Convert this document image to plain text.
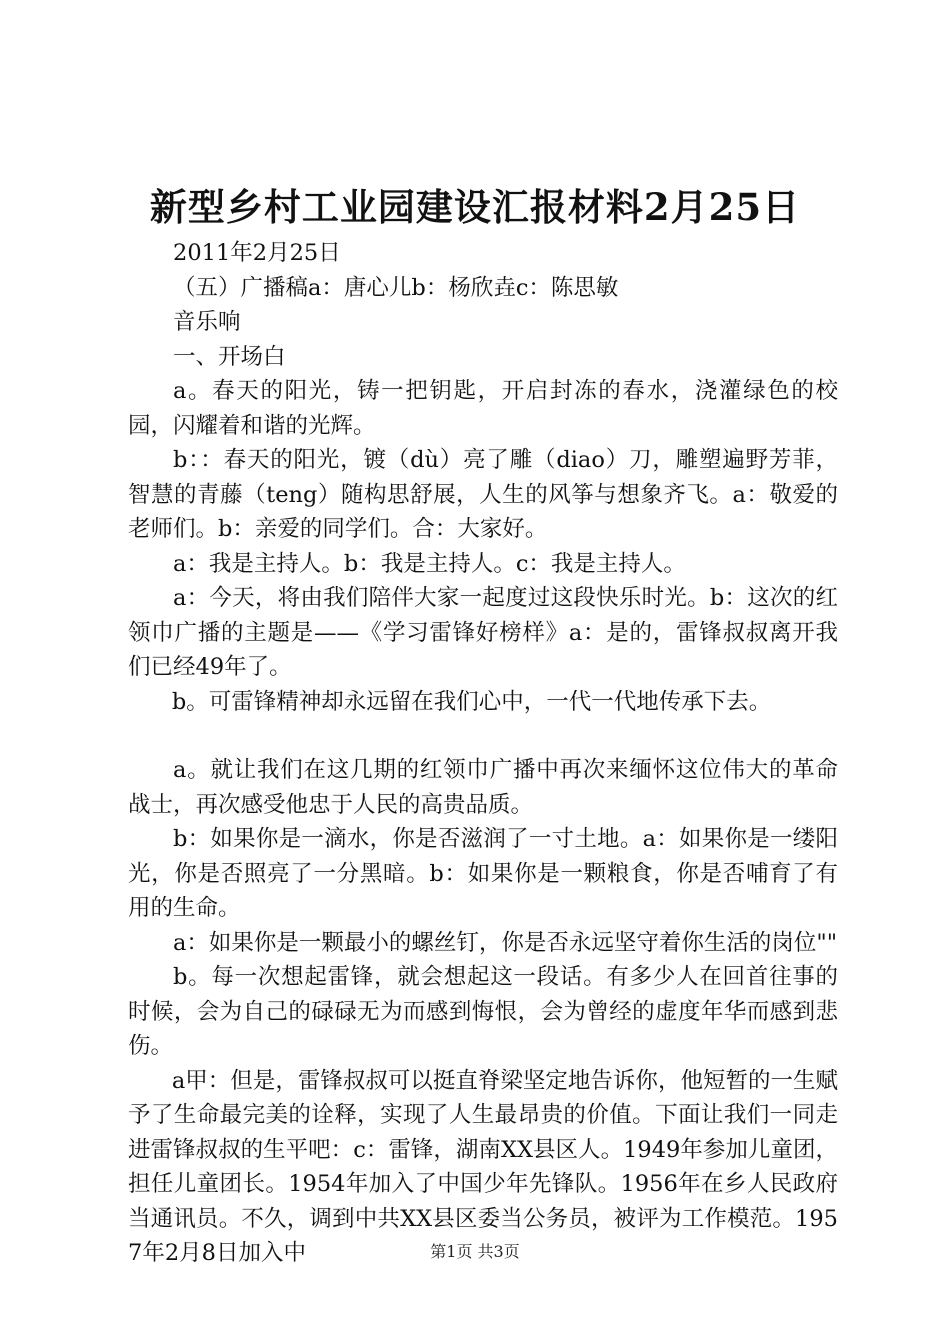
新型乡村工业园建设汇报材料2月25日

2011年2月25日

（五）广播稿a：唐心儿b：杨欣垚c：陈思敏

音乐响

一、开场白

a。春天的阳光，铸一把钥匙，开启封冻的春水，浇灌绿色的校园，闪耀着和谐的光辉。

b：：春天的阳光，镀（dù）亮了雕（diao）刀，雕塑遍野芳菲，智慧的青藤（teng）随构思舒展，人生的风筝与想象齐飞。a：敬爱的老师们。b：亲爱的同学们。合：大家好。

a：我是主持人。b：我是主持人。c：我是主持人。

a：今天，将由我们陪伴大家一起度过这段快乐时光。b：这次的红领巾广播的主题是——《学习雷锋好榜样》a：是的，雷锋叔叔离开我们已经49年了。

b。可雷锋精神却永远留在我们心中，一代一代地传承下去。

a。就让我们在这几期的红领巾广播中再次来缅怀这位伟大的革命战士，再次感受他忠于人民的高贵品质。

b：如果你是一滴水，你是否滋润了一寸土地。a：如果你是一缕阳光，你是否照亮了一分黑暗。b：如果你是一颗粮食，你是否哺育了有用的生命。

a：如果你是一颗最小的螺丝钉，你是否永远坚守着你生活的岗位""

b。每一次想起雷锋，就会想起这一段话。有多少人在回首往事的时候，会为自己的碌碌无为而感到悔恨，会为曾经的虚度年华而感到悲伤。

a甲：但是，雷锋叔叔可以挺直脊梁坚定地告诉你，他短暂的一生赋予了生命最完美的诠释，实现了人生最昂贵的价值。下面让我们一同走进雷锋叔叔的生平吧：c：雷锋，湖南XX县区人。1949年参加儿童团，担任儿童团长。1954年加入了中国少年先锋队。1956年在乡人民政府当通讯员。不久，调到中共XX县区委当公务员，被评为工作模范。1957年2月8日加入中	第1页 共3页
